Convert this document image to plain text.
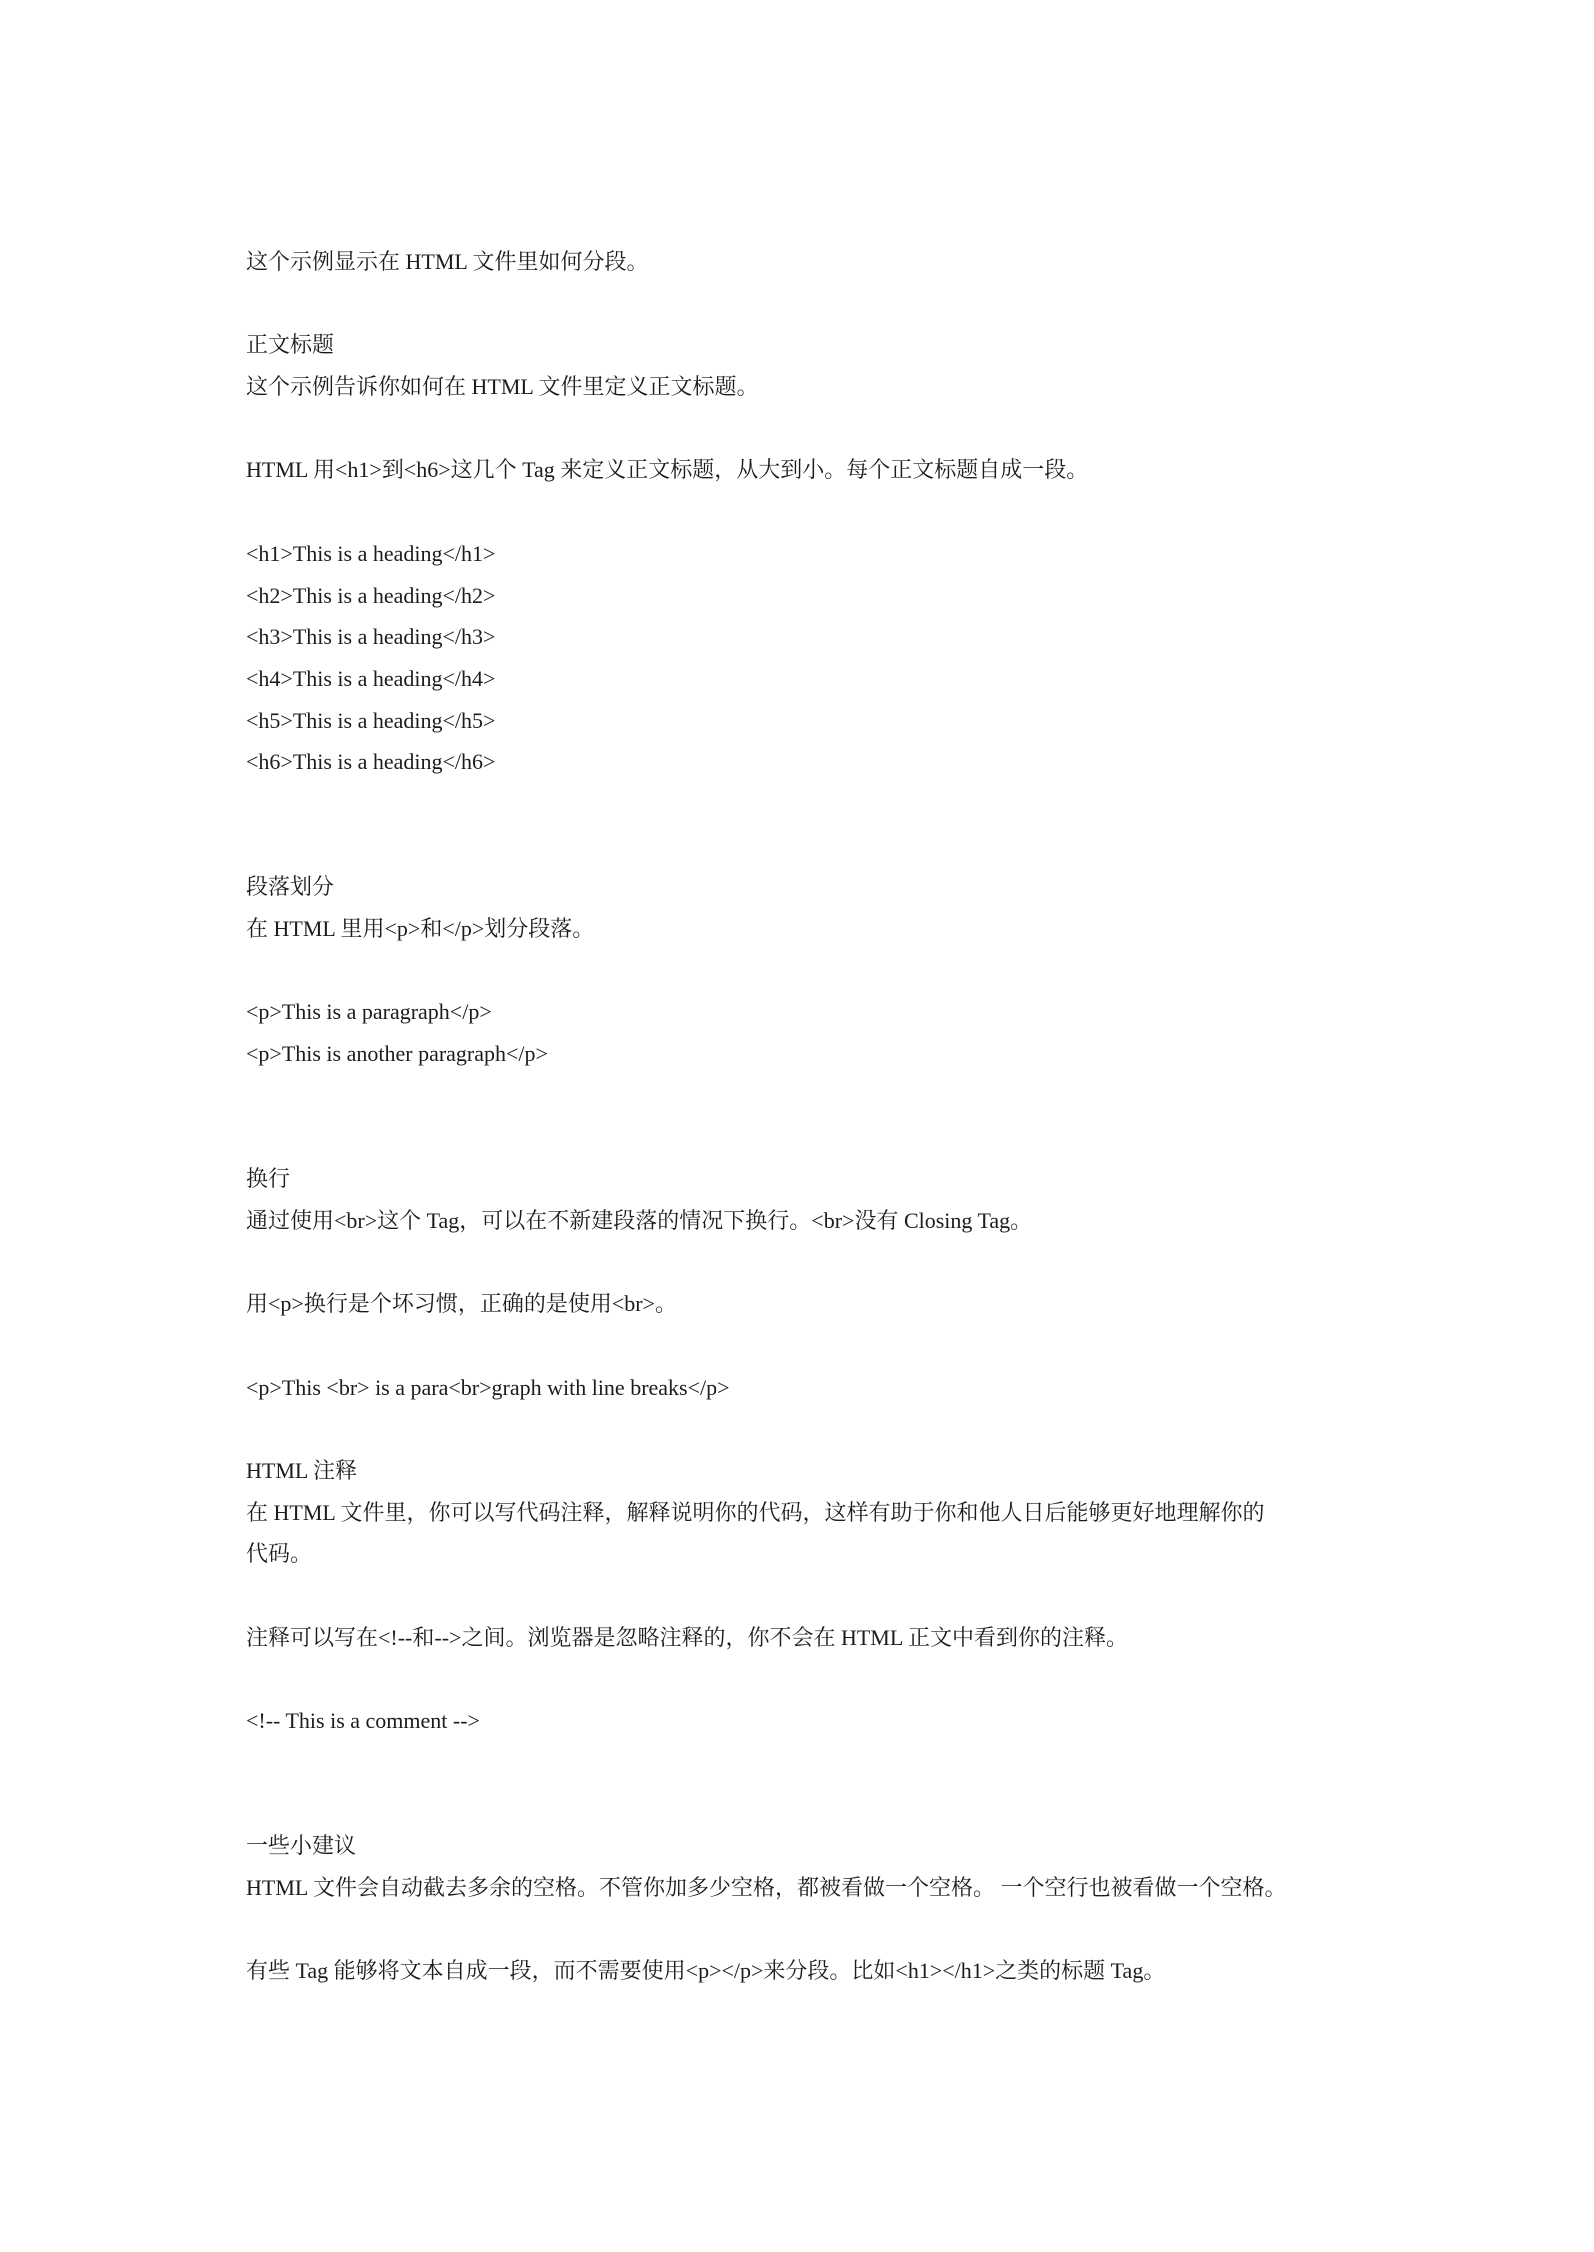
这个示例显示在 HTML 文件里如何分段。
正文标题
这个示例告诉你如何在 HTML 文件里定义正文标题。
HTML 用<h1>到<h6>这几个 Tag 来定义正文标题，从大到小。每个正文标题自成一段。
<h1>This is a heading</h1>
<h2>This is a heading</h2>
<h3>This is a heading</h3>
<h4>This is a heading</h4>
<h5>This is a heading</h5>
<h6>This is a heading</h6>
段落划分
在 HTML 里用<p>和</p>划分段落。
<p>This is a paragraph</p>
<p>This is another paragraph</p>
换行
通过使用<br>这个 Tag，可以在不新建段落的情况下换行。<br>没有 Closing Tag。
用<p>换行是个坏习惯，正确的是使用<br>。
<p>This <br> is a para<br>graph with line breaks</p>
HTML 注释
在 HTML 文件里，你可以写代码注释，解释说明你的代码，这样有助于你和他人日后能够更好地理解你的
代码。
注释可以写在<!--和-->之间。浏览器是忽略注释的，你不会在 HTML 正文中看到你的注释。
<!-- This is a comment -->
一些小建议
HTML 文件会自动截去多余的空格。不管你加多少空格，都被看做一个空格。 一个空行也被看做一个空格。
有些 Tag 能够将文本自成一段，而不需要使用<p></p>来分段。比如<h1></h1>之类的标题 Tag。
